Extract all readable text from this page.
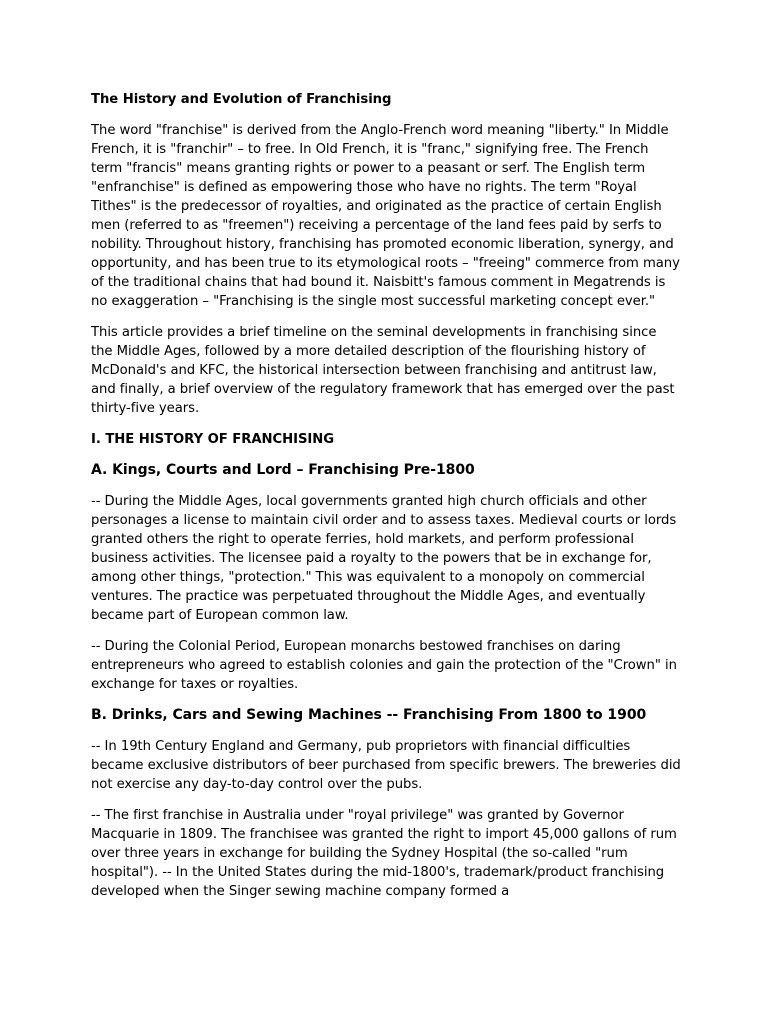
The History and Evolution of Franchising

The word "franchise" is derived from the Anglo-French word meaning "liberty." In Middle French, it is "franchir" – to free. In Old French, it is "franc," signifying free. The French term "francis" means granting rights or power to a peasant or serf. The English term "enfranchise" is defined as empowering those who have no rights. The term "Royal Tithes" is the predecessor of royalties, and originated as the practice of certain English men (referred to as "freemen") receiving a percentage of the land fees paid by serfs to nobility. Throughout history, franchising has promoted economic liberation, synergy, and opportunity, and has been true to its etymological roots – "freeing" commerce from many of the traditional chains that had bound it. Naisbitt's famous comment in Megatrends is no exaggeration – "Franchising is the single most successful marketing concept ever."

This article provides a brief timeline on the seminal developments in franchising since the Middle Ages, followed by a more detailed description of the flourishing history of McDonald's and KFC, the historical intersection between franchising and antitrust law, and finally, a brief overview of the regulatory framework that has emerged over the past thirty-five years.

I. THE HISTORY OF FRANCHISING
A. Kings, Courts and Lord – Franchising Pre-1800

-- During the Middle Ages, local governments granted high church officials and other personages a license to maintain civil order and to assess taxes. Medieval courts or lords granted others the right to operate ferries, hold markets, and perform professional business activities. The licensee paid a royalty to the powers that be in exchange for, among other things, "protection." This was equivalent to a monopoly on commercial ventures. The practice was perpetuated throughout the Middle Ages, and eventually became part of European common law.

-- During the Colonial Period, European monarchs bestowed franchises on daring entrepreneurs who agreed to establish colonies and gain the protection of the "Crown" in exchange for taxes or royalties.

B. Drinks, Cars and Sewing Machines -- Franchising From 1800 to 1900

-- In 19th Century England and Germany, pub proprietors with financial difficulties became exclusive distributors of beer purchased from specific brewers. The breweries did not exercise any day-to-day control over the pubs.

-- The first franchise in Australia under "royal privilege" was granted by Governor Macquarie in 1809. The franchisee was granted the right to import 45,000 gallons of rum over three years in exchange for building the Sydney Hospital (the so-called "rum hospital"). -- In the United States during the mid-1800's, trademark/product franchising developed when the Singer sewing machine company formed a
